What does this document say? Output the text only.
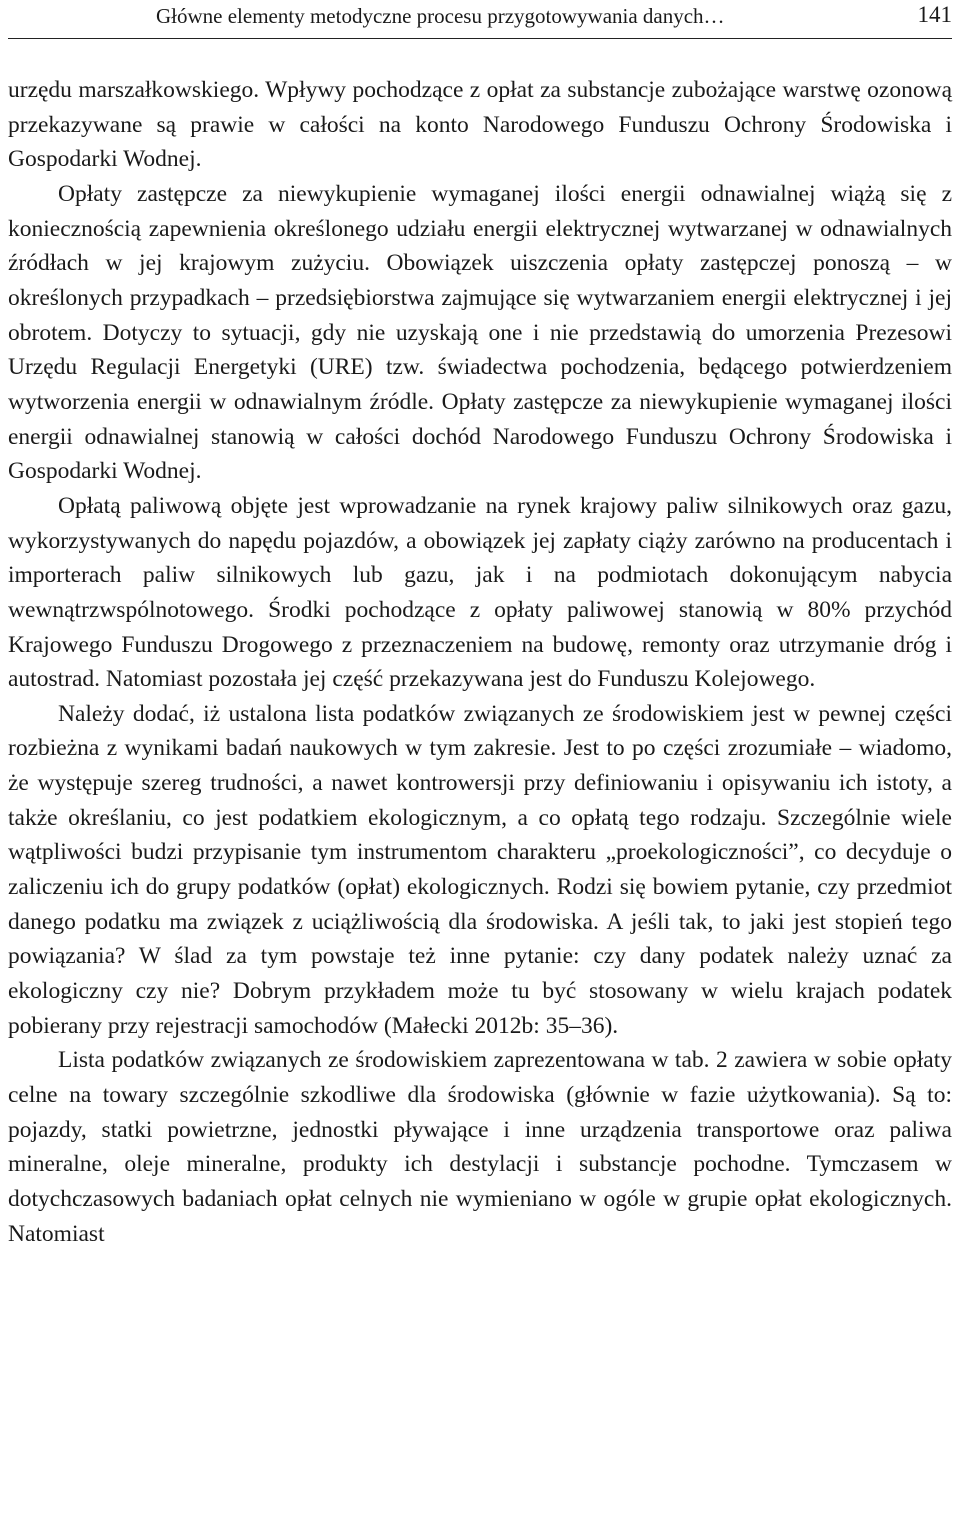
Główne elementy metodyczne procesu przygotowywania danych…	141

urzędu marszałkowskiego. Wpływy pochodzące z opłat za substancje zubożające warstwę ozonową przekazywane są prawie w całości na konto Narodowego Funduszu Ochrony Środowiska i Gospodarki Wodnej.

Opłaty zastępcze za niewykupienie wymaganej ilości energii odnawialnej wiążą się z koniecznością zapewnienia określonego udziału energii elektrycznej wytwarzanej w odnawialnych źródłach w jej krajowym zużyciu. Obowiązek uiszczenia opłaty zastępczej ponoszą – w określonych przypadkach – przedsiębiorstwa zajmujące się wytwarzaniem energii elektrycznej i jej obrotem. Dotyczy to sytuacji, gdy nie uzyskają one i nie przedstawią do umorzenia Prezesowi Urzędu Regulacji Energetyki (URE) tzw. świadectwa pochodzenia, będącego potwierdzeniem wytworzenia energii w odnawialnym źródle. Opłaty zastępcze za niewykupienie wymaganej ilości energii odnawialnej stanowią w całości dochód Narodowego Funduszu Ochrony Środowiska i Gospodarki Wodnej.

Opłatą paliwową objęte jest wprowadzanie na rynek krajowy paliw silnikowych oraz gazu, wykorzystywanych do napędu pojazdów, a obowiązek jej zapłaty ciąży zarówno na producentach i importerach paliw silnikowych lub gazu, jak i na podmiotach dokonującym nabycia wewnątrzwspólnotowego. Środki pochodzące z opłaty paliwowej stanowią w 80% przychód Krajowego Funduszu Drogowego z przeznaczeniem na budowę, remonty oraz utrzymanie dróg i autostrad. Natomiast pozostała jej część przekazywana jest do Funduszu Kolejowego.

Należy dodać, iż ustalona lista podatków związanych ze środowiskiem jest w pewnej części rozbieżna z wynikami badań naukowych w tym zakresie. Jest to po części zrozumiałe – wiadomo, że występuje szereg trudności, a nawet kontrowersji przy definiowaniu i opisywaniu ich istoty, a także określaniu, co jest podatkiem ekologicznym, a co opłatą tego rodzaju. Szczególnie wiele wątpliwości budzi przypisanie tym instrumentom charakteru „proekologiczności”, co decyduje o zaliczeniu ich do grupy podatków (opłat) ekologicznych. Rodzi się bowiem pytanie, czy przedmiot danego podatku ma związek z uciążliwością dla środowiska. A jeśli tak, to jaki jest stopień tego powiązania? W ślad za tym powstaje też inne pytanie: czy dany podatek należy uznać za ekologiczny czy nie? Dobrym przykładem może tu być stosowany w wielu krajach podatek pobierany przy rejestracji samochodów (Małecki 2012b: 35–36).

Lista podatków związanych ze środowiskiem zaprezentowana w tab. 2 zawiera w sobie opłaty celne na towary szczególnie szkodliwe dla środowiska (głównie w fazie użytkowania). Są to: pojazdy, statki powietrzne, jednostki pływające i inne urządzenia transportowe oraz paliwa mineralne, oleje mineralne, produkty ich destylacji i substancje pochodne. Tymczasem w dotychczasowych badaniach opłat celnych nie wymieniano w ogóle w grupie opłat ekologicznych. Natomiast
